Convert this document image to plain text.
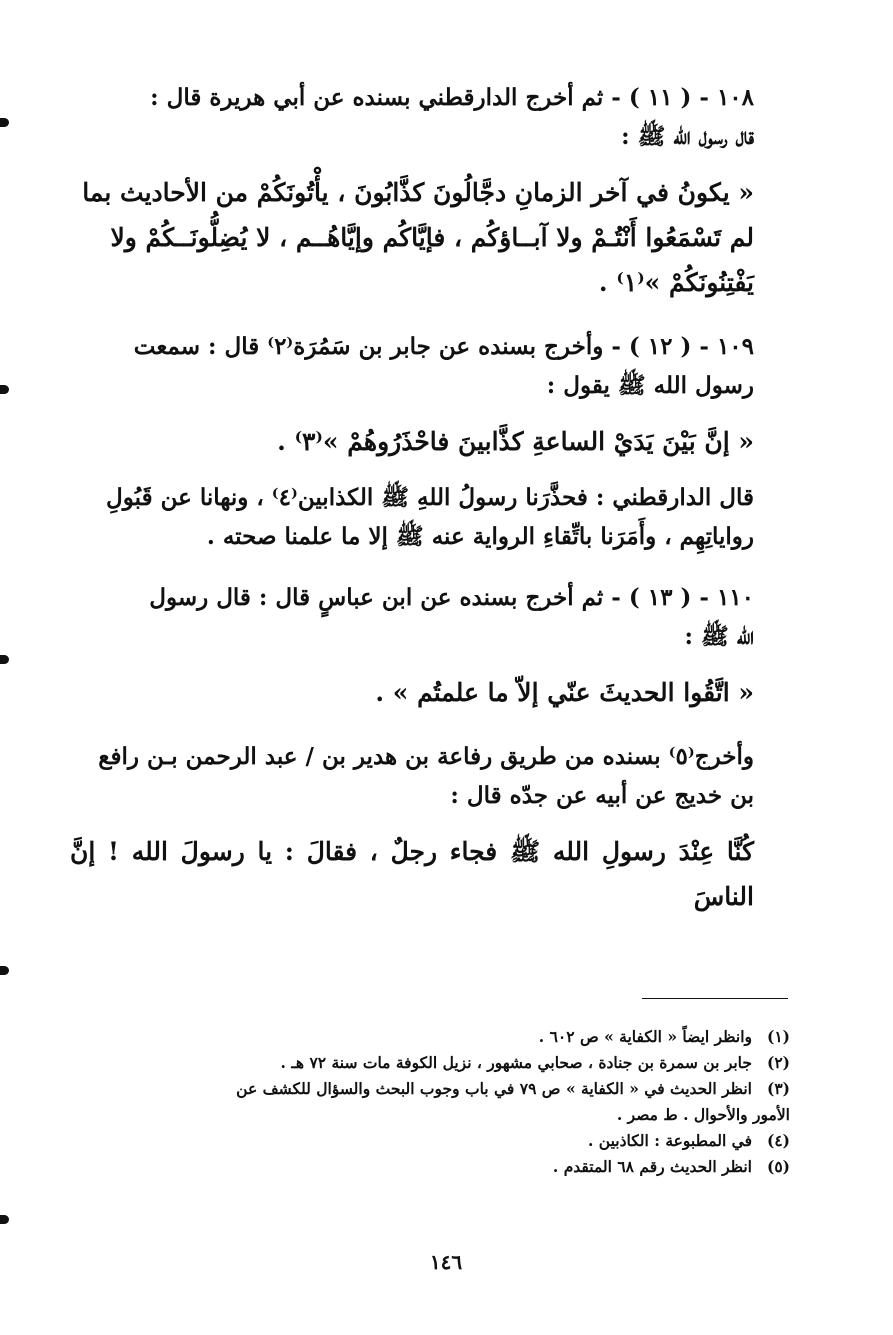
١٠٨ - ( ١١ ) - ثم أخرج الدارقطني بسنده عن أبي هريرة قال :
قال رسول الله ﷺ :

« يكونُ في آخر الزمانِ دجَّالُونَ كذَّابُونَ ، يأْتُونَكُمْ من الأحاديث بما
لم تَسْمَعُوا أَنْتُـمْ ولا آبــاؤكُم ، فإيَّاكُم وإيَّاهُــم ، لا يُضِلُّونَــكُمْ ولا
يَفْتِنُونَكُمْ »⁽١⁾ .

١٠٩ - ( ١٢ ) - وأخرج بسنده عن جابر بن سَمُرَة⁽٢⁾ قال : سمعت
رسول الله ﷺ يقول :

« إنَّ بَيْنَ يَدَيْ الساعةِ كذَّابينَ فاحْذَرُوهُمْ »⁽٣⁾ .

قال الدارقطني : فحذَّرَنا رسولُ اللهِ ﷺ الكذابين⁽٤⁾ ، ونهانا عن قَبُولِ
رواياتِهِم ، وأَمَرَنا باتِّقاءِ الرواية عنه ﷺ إلا ما علمنا صحته .

١١٠ - ( ١٣ ) - ثم أخرج بسنده عن ابن عباسٍ قال : قال رسول
الله ﷺ :

« اتَّقُوا الحديثَ عنّي إلاّ ما علمتُم » .

وأخرج⁽٥⁾ بسنده من طريق رفاعة بن هدير بن / عبد الرحمن بـن رافع
بن خديج عن أبيه عن جدّه قال :

كُنَّا عِنْدَ رسولِ الله ﷺ فجاء رجلٌ ، فقالَ : يا رسولَ الله ! إنَّ الناسَ

(١)
وانظر ايضاً « الكفاية » ص ٦٠٢ .
(٢)
جابر بن سمرة بن جنادة ، صحابي مشهور ، نزيل الكوفة مات سنة ٧٢ هـ .
(٣)
انظر الحديث في « الكفاية » ص ٧٩ في باب وجوب البحث والسؤال للكشف عن
الأمور والأحوال . ط مصر .
(٤)
في المطبوعة : الكاذبين .
(٥)
انظر الحديث رقم ٦٨ المتقدم .
١٤٦
